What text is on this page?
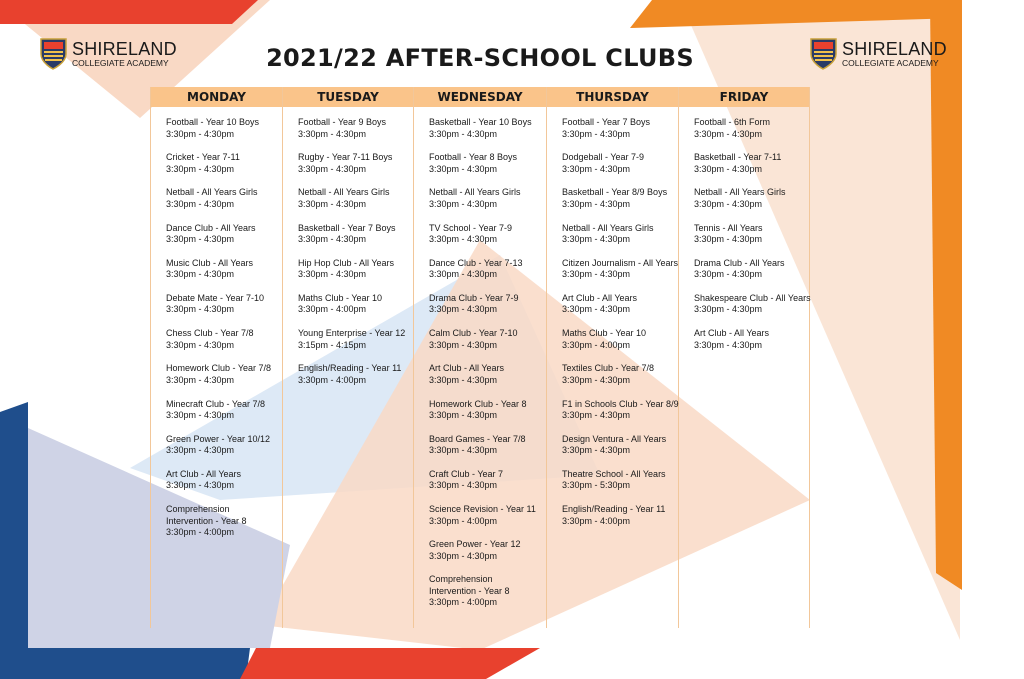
SHIRELAND
COLLEGIATE ACADEMY	2021/22 AFTER-SCHOOL CLUBS	SHIRELAND
COLLEGIATE ACADEMY
MONDAY
Football - Year 10 Boys
3:30pm - 4:30pm
Cricket - Year 7-11
3:30pm - 4:30pm
Netball - All Years Girls
3:30pm - 4:30pm
Dance Club - All Years
3:30pm - 4:30pm
Music Club - All Years
3:30pm - 4:30pm
Debate Mate - Year 7-10
3:30pm - 4:30pm
Chess Club - Year 7/8
3:30pm - 4:30pm
Homework Club - Year 7/8
3:30pm - 4:30pm
Minecraft Club - Year 7/8
3:30pm - 4:30pm
Green Power - Year 10/12
3:30pm - 4:30pm
Art Club - All Years
3:30pm - 4:30pm
Comprehension Intervention - Year 8
3:30pm - 4:00pm
TUESDAY
Football - Year 9 Boys
3:30pm - 4:30pm
Rugby - Year 7-11 Boys
3:30pm - 4:30pm
Netball - All Years Girls
3:30pm - 4:30pm
Basketball - Year 7 Boys
3:30pm - 4:30pm
Hip Hop Club - All Years
3:30pm - 4:30pm
Maths Club - Year 10
3:30pm - 4:00pm
Young Enterprise - Year 12
3:15pm - 4:15pm
English/Reading - Year 11
3:30pm - 4:00pm
WEDNESDAY
Basketball - Year 10 Boys
3:30pm - 4:30pm
Football - Year 8 Boys
3:30pm - 4:30pm
Netball - All Years Girls
3:30pm - 4:30pm
TV School - Year 7-9
3:30pm - 4:30pm
Dance Club - Year 7-13
3:30pm - 4:30pm
Drama Club - Year 7-9
3:30pm - 4:30pm
Calm Club - Year 7-10
3:30pm - 4:30pm
Art Club - All Years
3:30pm - 4:30pm
Homework Club - Year 8
3:30pm - 4:30pm
Board Games - Year 7/8
3:30pm - 4:30pm
Craft Club - Year 7
3:30pm - 4:30pm
Science Revision - Year 11
3:30pm - 4:00pm
Green Power - Year 12
3:30pm - 4:30pm
Comprehension Intervention - Year 8
3:30pm - 4:00pm
THURSDAY
Football - Year 7 Boys
3:30pm - 4:30pm
Dodgeball - Year 7-9
3:30pm - 4:30pm
Basketball - Year 8/9 Boys
3:30pm - 4:30pm
Netball - All Years Girls
3:30pm - 4:30pm
Citizen Journalism - All Years
3:30pm - 4:30pm
Art Club - All Years
3:30pm - 4:30pm
Maths Club - Year 10
3:30pm - 4:00pm
Textiles Club - Year 7/8
3:30pm - 4:30pm
F1 in Schools Club - Year 8/9
3:30pm - 4:30pm
Design Ventura - All Years
3:30pm - 4:30pm
Theatre School - All Years
3:30pm - 5:30pm
English/Reading - Year 11
3:30pm - 4:00pm
FRIDAY
Football - 6th Form
3:30pm - 4:30pm
Basketball - Year 7-11
3:30pm - 4:30pm
Netball - All Years Girls
3:30pm - 4:30pm
Tennis - All Years
3:30pm - 4:30pm
Drama Club - All Years
3:30pm - 4:30pm
Shakespeare Club - All Years
3:30pm - 4:30pm
Art Club - All Years
3:30pm - 4:30pm
